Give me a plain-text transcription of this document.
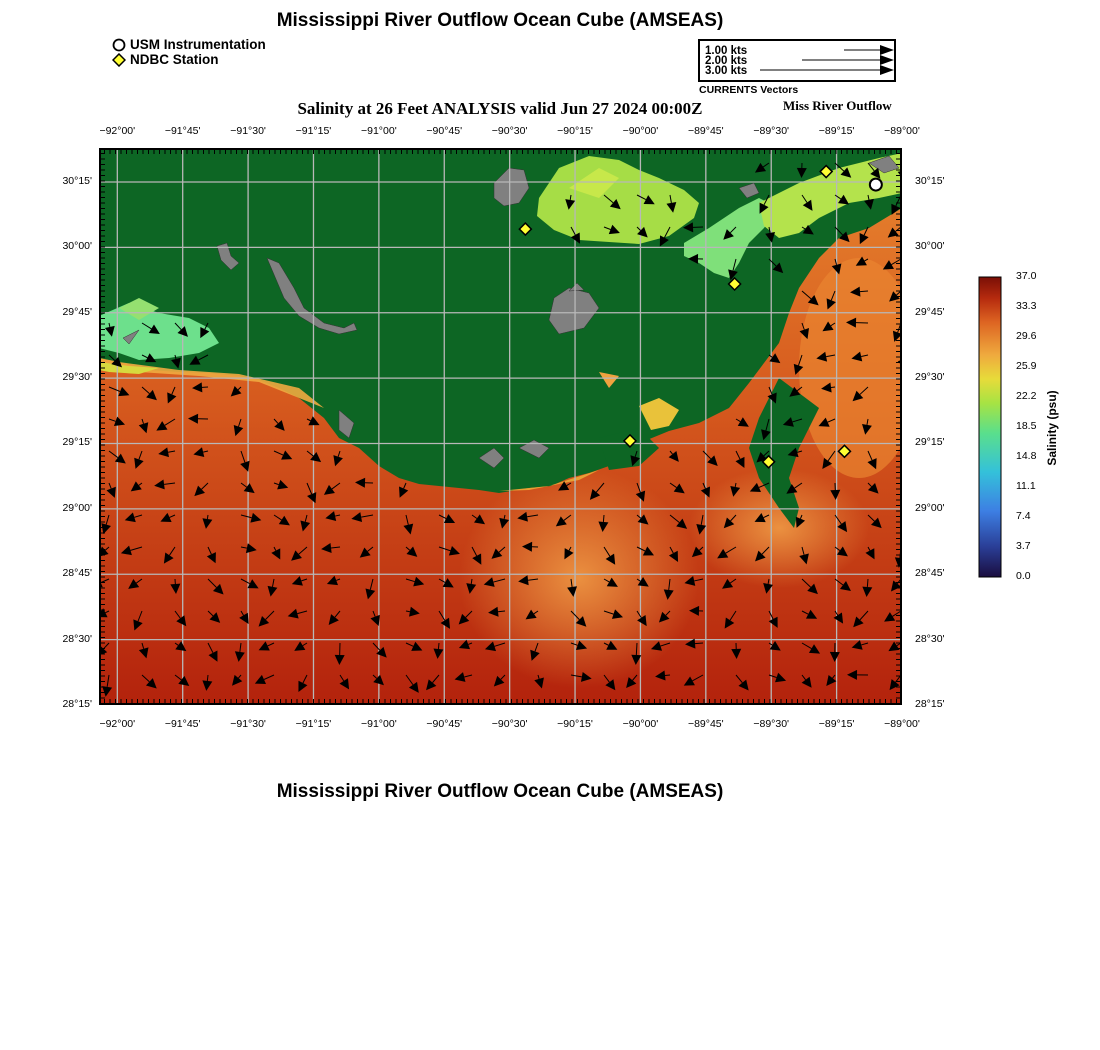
Mississippi River Outflow Ocean Cube (AMSEAS)
USM Instrumentation
NDBC Station
1.00 kts
2.00 kts
3.00 kts
CURRENTS Vectors
Salinity at 26 Feet ANALYSIS valid Jun 27 2024 00:00Z	Miss River Outflow
−92°00'	−91°45'	−91°30'	−91°15'	−91°00'	−90°45'	−90°30'	−90°15'	−90°00'	−89°45'	−89°30'	−89°15'	−89°00'
−92°00'	−91°45'	−91°30'	−91°15'	−91°00'	−90°45'	−90°30'	−90°15'	−90°00'	−89°45'	−89°30'	−89°15'	−89°00'
30°15'
30°00'
29°45'
29°30'
29°15'
29°00'
28°45'
28°30'
28°15'
30°15'
30°00'
29°45'
29°30'
29°15'
29°00'
28°45'
28°30'
28°15'
37.0
33.3
29.6
25.9
22.2
18.5
14.8
11.1
7.4
3.7
0.0
Salinity (psu)
Mississippi River Outflow Ocean Cube (AMSEAS)
